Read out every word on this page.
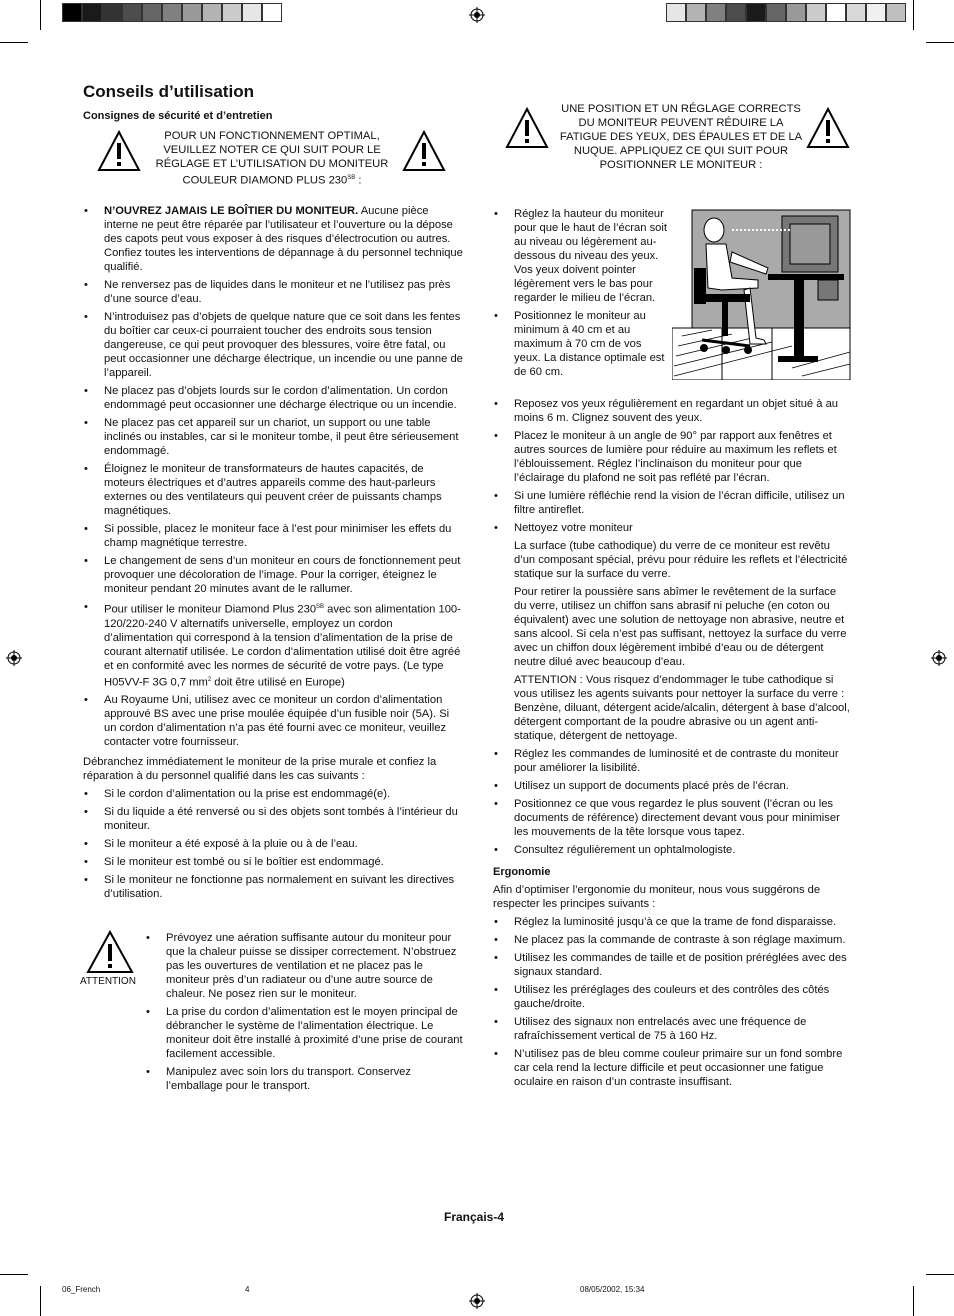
Conseils d’utilisation
Consignes de sécurité et d’entretien
POUR UN FONCTIONNEMENT OPTIMAL, VEUILLEZ NOTER CE QUI SUIT POUR LE RÉGLAGE ET L’UTILISATION DU MONITEUR COULEUR DIAMOND PLUS $230^{SB}$ :
• N’OUVREZ JAMAIS LE BOÎTIER DU MONITEUR. Aucune pièce interne ne peut être réparée par l’utilisateur et l’ouverture ou la dépose des capots peut vous exposer à des risques d’électrocution ou autres. Confiez toutes les interventions de dépannage à du personnel technique qualifié.
• Ne renversez pas de liquides dans le moniteur et ne l’utilisez pas près d’une source d’eau.
• N’introduisez pas d’objets de quelque nature que ce soit dans les fentes du boîtier car ceux-ci pourraient toucher des endroits sous tension dangereuse, ce qui peut provoquer des blessures, voire être fatal, ou peut occasionner une décharge électrique, un incendie ou une panne de l’appareil.
• Ne placez pas d’objets lourds sur le cordon d’alimentation. Un cordon endommagé peut occasionner une décharge électrique ou un incendie.
• Ne placez pas cet appareil sur un chariot, un support ou une table inclinés ou instables, car si le moniteur tombe, il peut être sérieusement endommagé.
• Éloignez le moniteur de transformateurs de hautes capacités, de moteurs électriques et d’autres appareils comme des haut-parleurs externes ou des ventilateurs qui peuvent créer de puissants champs magnétiques.
• Si possible, placez le moniteur face à l’est pour minimiser les effets du champ magnétique terrestre.
• Le changement de sens d’un moniteur en cours de fonctionnement peut provoquer une décoloration de l’image. Pour la corriger, éteignez le moniteur pendant 20 minutes avant de le rallumer.
• Pour utiliser le moniteur Diamond Plus $230^{SB}$ avec son alimentation 100-120/220-240 V alternatifs universelle, employez un cordon d’alimentation qui correspond à la tension d’alimentation de la prise de courant alternatif utilisée. Le cordon d’alimentation utilisé doit être agréé et en conformité avec les normes de sécurité de votre pays. (Le type H05VV-F 3G 0,7 $mm^2$ doit être utilisé en Europe)
• Au Royaume Uni, utilisez avec ce moniteur un cordon d’alimentation approuvé BS avec une prise moulée équipée d’un fusible noir (5A). Si un cordon d’alimentation n’a pas été fourni avec ce moniteur, veuillez contacter votre fournisseur.

Débranchez immédiatement le moniteur de la prise murale et confiez la réparation à du personnel qualifié dans les cas suivants :

• Si le cordon d’alimentation ou la prise est endommagé(e).
• Si du liquide a été renversé ou si des objets sont tombés à l’intérieur du moniteur.
• Si le moniteur a été exposé à la pluie ou à de l’eau.
• Si le moniteur est tombé ou si le boîtier est endommagé.
• Si le moniteur ne fonctionne pas normalement en suivant les directives d’utilisation.
ATTENTION
• Prévoyez une aération suffisante autour du moniteur pour que la chaleur puisse se dissiper correctement. N’obstruez pas les ouvertures de ventilation et ne placez pas le moniteur près d’un radiateur ou d’une autre source de chaleur. Ne posez rien sur le moniteur.
• La prise du cordon d’alimentation est le moyen principal de débrancher le système de l’alimentation électrique. Le moniteur doit être installé à proximité d’une prise de courant facilement accessible.
• Manipulez avec soin lors du transport. Conservez l’emballage pour le transport.
UNE POSITION ET UN RÉGLAGE CORRECTS DU MONITEUR PEUVENT RÉDUIRE LA FATIGUE DES YEUX, DES ÉPAULES ET DE LA NUQUE. APPLIQUEZ CE QUI SUIT POUR POSITIONNER LE MONITEUR :
• Réglez la hauteur du moniteur pour que le haut de l’écran soit au niveau ou légèrement au-dessous du niveau des yeux. Vos yeux doivent pointer légèrement vers le bas pour regarder le milieu de l’écran.
• Positionnez le moniteur au minimum à 40 cm et au maximum à 70 cm de vos yeux. La distance optimale est de 60 cm.
• Reposez vos yeux régulièrement en regardant un objet situé à au moins 6 m. Clignez souvent des yeux.
• Placez le moniteur à un angle de 90° par rapport aux fenêtres et autres sources de lumière pour réduire au maximum les reflets et l’éblouissement. Réglez l’inclinaison du moniteur pour que l’éclairage du plafond ne soit pas reflété par l’écran.
• Si une lumière réfléchie rend la vision de l’écran difficile, utilisez un filtre antireflet.
• Nettoyez votre moniteur

La surface (tube cathodique) du verre de ce moniteur est revêtu d’un composant spécial, prévu pour réduire les reflets et l’électricité statique sur la surface du verre.

Pour retirer la poussière sans abîmer le revêtement de la surface du verre, utilisez un chiffon sans abrasif ni peluche (en coton ou équivalent) avec une solution de nettoyage non abrasive, neutre et sans alcool. Si cela n’est pas suffisant, nettoyez la surface du verre avec un chiffon doux légèrement imbibé d’eau ou de détergent neutre dilué avec beaucoup d’eau.

ATTENTION : Vous risquez d’endommager le tube cathodique si vous utilisez les agents suivants pour nettoyer la surface du verre : Benzène, diluant, détergent acide/alcalin, détergent à base d’alcool, détergent comportant de la poudre abrasive ou un agent anti-statique, détergent de nettoyage.

• Réglez les commandes de luminosité et de contraste du moniteur pour améliorer la lisibilité.
• Utilisez un support de documents placé près de l’écran.
• Positionnez ce que vous regardez le plus souvent (l’écran ou les documents de référence) directement devant vous pour minimiser les mouvements de la tête lorsque vous tapez.
• Consultez régulièrement un ophtalmologiste.
Ergonomie

Afin d’optimiser l’ergonomie du moniteur, nous vous suggérons de respecter les principes suivants :

• Réglez la luminosité jusqu’à ce que la trame de fond disparaisse.
• Ne placez pas la commande de contraste à son réglage maximum.
• Utilisez les commandes de taille et de position préréglées avec des signaux standard.
• Utilisez les préréglages des couleurs et des contrôles des côtés gauche/droite.
• Utilisez des signaux non entrelacés avec une fréquence de rafraîchissement vertical de 75 à 160 Hz.
• N’utilisez pas de bleu comme couleur primaire sur un fond sombre car cela rend la lecture difficile et peut occasionner une fatigue oculaire en raison d’un contraste insuffisant.
Français-4
06_French	4	08/05/2002, 15:34
